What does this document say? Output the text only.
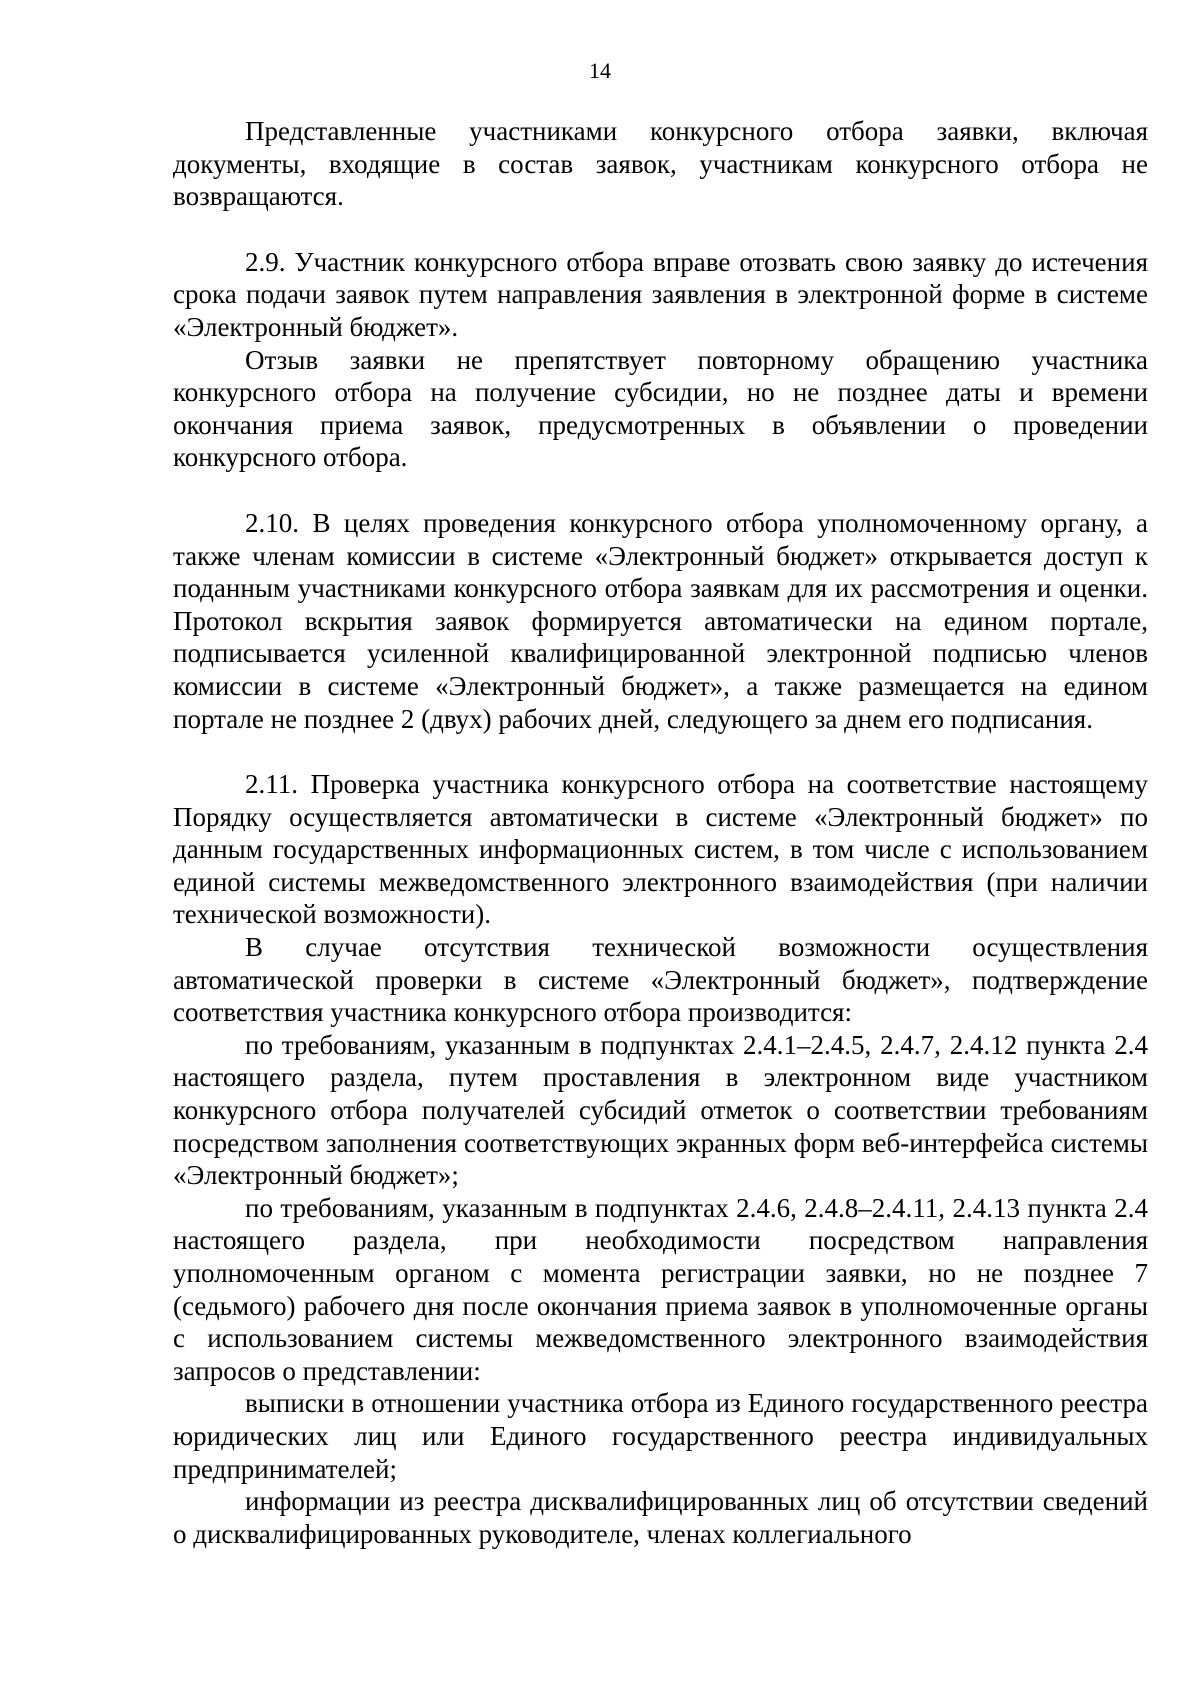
14

Представленные участниками конкурсного отбора заявки, включая документы, входящие в состав заявок, участникам конкурсного отбора не возвращаются.

2.9. Участник конкурсного отбора вправе отозвать свою заявку до истечения срока подачи заявок путем направления заявления в электронной форме в системе «Электронный бюджет».

Отзыв заявки не препятствует повторному обращению участника конкурсного отбора на получение субсидии, но не позднее даты и времени окончания приема заявок, предусмотренных в объявлении о проведении конкурсного отбора.

2.10. В целях проведения конкурсного отбора уполномоченному органу, а также членам комиссии в системе «Электронный бюджет» открывается доступ к поданным участниками конкурсного отбора заявкам для их рассмотрения и оценки. Протокол вскрытия заявок формируется автоматически на едином портале, подписывается усиленной квалифицированной электронной подписью членов комиссии в системе «Электронный бюджет», а также размещается на едином портале не позднее 2 (двух) рабочих дней, следующего за днем его подписания.

2.11. Проверка участника конкурсного отбора на соответствие настоящему Порядку осуществляется автоматически в системе «Электронный бюджет» по данным государственных информационных систем, в том числе с использованием единой системы межведомственного электронного взаимодействия (при наличии технической возможности).

В случае отсутствия технической возможности осуществления автоматической проверки в системе «Электронный бюджет», подтверждение соответствия участника конкурсного отбора производится:

по требованиям, указанным в подпунктах 2.4.1–2.4.5, 2.4.7, 2.4.12 пункта 2.4 настоящего раздела, путем проставления в электронном виде участником конкурсного отбора получателей субсидий отметок о соответствии требованиям посредством заполнения соответствующих экранных форм веб-интерфейса системы «Электронный бюджет»;

по требованиям, указанным в подпунктах 2.4.6, 2.4.8–2.4.11, 2.4.13 пункта 2.4 настоящего раздела, при необходимости посредством направления уполномоченным органом с момента регистрации заявки, но не позднее 7 (седьмого) рабочего дня после окончания приема заявок в уполномоченные органы с использованием системы межведомственного электронного взаимодействия запросов о представлении:

выписки в отношении участника отбора из Единого государственного реестра юридических лиц или Единого государственного реестра индивидуальных предпринимателей;

информации из реестра дисквалифицированных лиц об отсутствии сведений о дисквалифицированных руководителе, членах коллегиального
